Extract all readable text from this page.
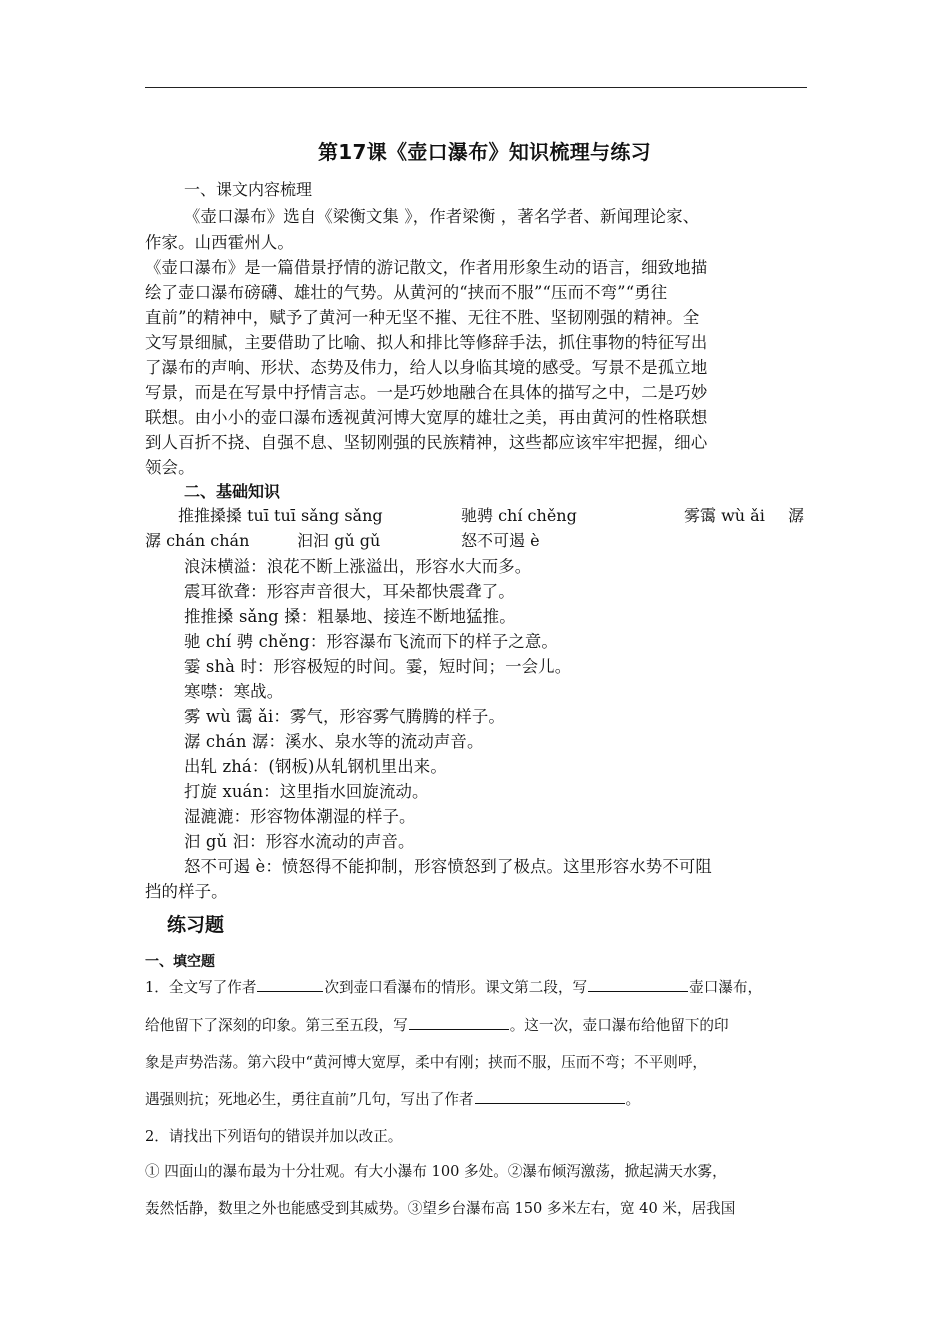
第17课《壶口瀑布》知识梳理与练习
一、课文内容梳理
《壶口瀑布》选自《梁衡文集 》，作者梁衡 ，著名学者、新闻理论家、
作家。山西霍州人。
《壶口瀑布》是一篇借景抒情的游记散文，作者用形象生动的语言，细致地描
绘了壶口瀑布磅礴、雄壮的气势。从黄河的“挟而不服”“压而不弯”“勇往
直前”的精神中，赋予了黄河一种无坚不摧、无往不胜、坚韧刚强的精神。全
文写景细腻，主要借助了比喻、拟人和排比等修辞手法，抓住事物的特征写出
了瀑布的声响、形状、态势及伟力，给人以身临其境的感受。写景不是孤立地
写景，而是在写景中抒情言志。一是巧妙地融合在具体的描写之中，二是巧妙
联想。由小小的壶口瀑布透视黄河博大宽厚的雄壮之美，再由黄河的性格联想
到人百折不挠、自强不息、坚韧刚强的民族精神，这些都应该牢牢把握，细心
领会。
二、基础知识
推推搡搡 tuī tuī sǎng sǎng	驰骋 chí chěng	雾霭 wù ǎi 潺
潺 chán chán	汩汩 gǔ gǔ	怒不可遏 è
浪沫横溢：浪花不断上涨溢出，形容水大而多。
震耳欲聋：形容声音很大，耳朵都快震聋了。
推推搡 sǎng 搡：粗暴地、接连不断地猛推。
驰 chí 骋 chěng：形容瀑布飞流而下的样子之意。
霎 shà 时：形容极短的时间。霎，短时间；一会儿。
寒噤：寒战。
雾 wù 霭 ǎi：雾气，形容雾气腾腾的样子。
潺 chán 潺：溪水、泉水等的流动声音。
出轧 zhá：(钢板)从轧钢机里出来。
打旋 xuán：这里指水回旋流动。
湿漉漉：形容物体潮湿的样子。
汩 gǔ 汩：形容水流动的声音。
怒不可遏 è：愤怒得不能抑制，形容愤怒到了极点。这里形容水势不可阻
挡的样子。
练习题
一、填空题
1．全文写了作者	次到壶口看瀑布的情形。课文第二段，写	壶口瀑布，
给他留下了深刻的印象。第三至五段，写	。这一次，壶口瀑布给他留下的印
象是声势浩荡。第六段中“黄河博大宽厚，柔中有刚；挟而不服，压而不弯；不平则呼，
遇强则抗；死地必生，勇往直前”几句，写出了作者	。
2．请找出下列语句的错误并加以改正。
① 四面山的瀑布最为十分壮观。有大小瀑布 100 多处。②瀑布倾泻激荡，掀起满天水雾，
轰然恬静，数里之外也能感受到其威势。③望乡台瀑布高 150 多米左右，宽 40 米，居我国
